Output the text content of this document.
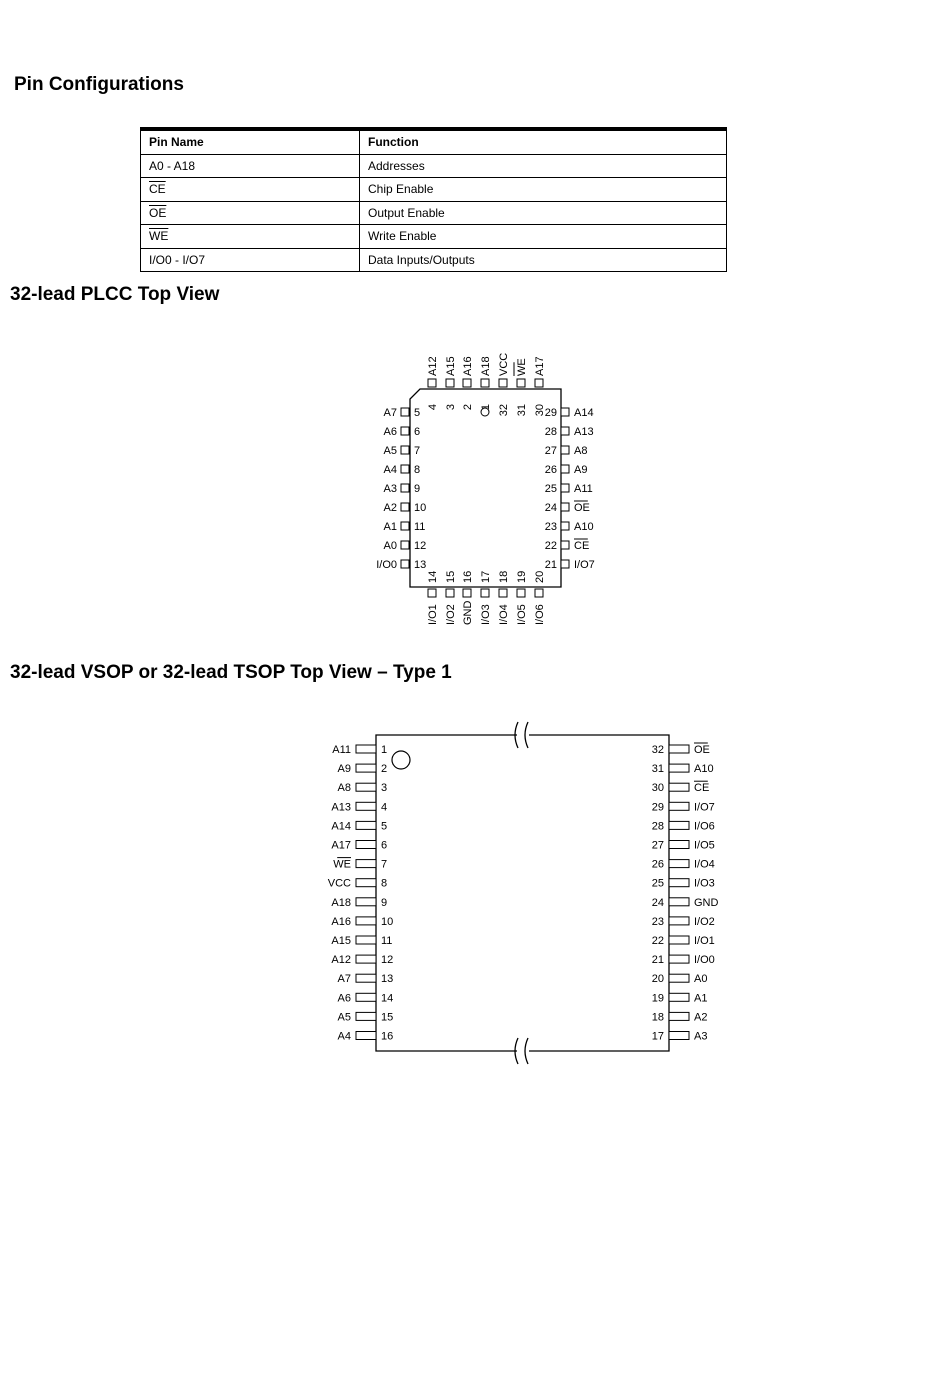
Pin Configurations
Pin Name	Function
A0 - A18	Addresses
$\overline{CE}$	Chip Enable
$\overline{OE}$	Output Enable
$\overline{WE}$	Write Enable
I/O0 - I/O7	Data Inputs/Outputs
32-lead PLCC Top View
A12
4
A15
3
A16
2
A18
1
VCC
32
WE
31
A17
30
A7 5
A6 6
A5 7
A4 8
A3 9
A2 10
A1 11
A0 12
I/O0 13
A14
29
A13
28
A8
27
A9
26
A11
25
OE
24
A10
23
CE
22
I/O7
21
I/O1
14
I/O2
15
GND
16
I/O3
17
I/O4
18
I/O5
19
I/O6
20
32-lead VSOP or 32-lead TSOP Top View – Type 1
A11	1
A9	2
A8	3
A13	4
A14	5
A17	6
WE	7
VCC	8
A18	9
A16	10
A15	11
A12	12
A7	13
A6	14
A5	15
A4	16
OE
32
A10
31
CE
30
I/O7
29
I/O6
28
I/O5
27
I/O4
26
I/O3
25
GND
24
I/O2
23
I/O1
22
I/O0
21
A0
20
A1
19
A2
18
A3
17
